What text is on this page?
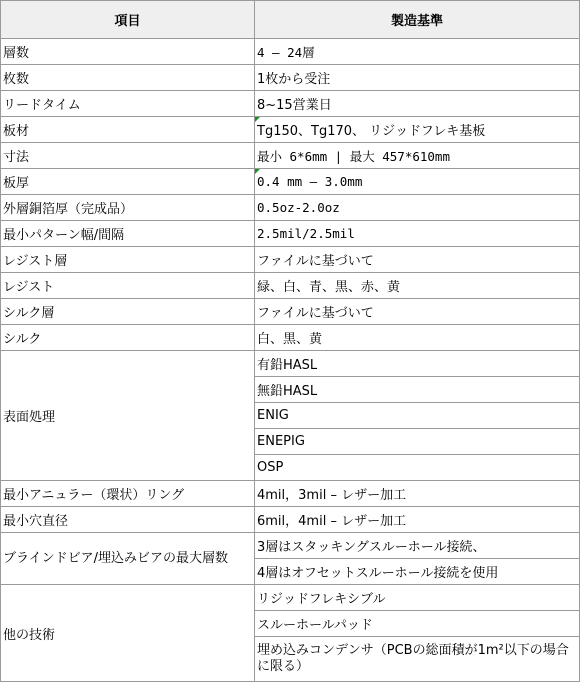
項目	製造基準
層数	4 – 24層
枚数	1枚から受注
リードタイム	8~15営業日
板材	Tg150、Tg170、 リジッドフレキ基板
寸法	最小 6*6mm | 最大 457*610mm
板厚	0.4 mm – 3.0mm
外層銅箔厚（完成品）	0.5oz-2.0oz
最小パターン幅/間隔	2.5mil/2.5mil
レジスト層	ファイルに基づいて
レジスト	緑、白、青、黒、赤、黄
シルク層	ファイルに基づいて
シルク	白、黒、黄
表面処理	有鉛HASL
	無鉛HASL
	ENIG
	ENEPIG
	OSP
最小アニュラー（環状）リング	4mil，3mil – レザー加工
最小穴直径	6mil，4mil – レザー加工
ブラインドビア/埋込みビアの最大層数	3層はスタッキングスルーホール接続、
	4層はオフセットスルーホール接続を使用
他の技術	リジッドフレキシブル
	スルーホールパッド
	埋め込みコンデンサ（PCBの総面積が1m²以下の場合に限る）
